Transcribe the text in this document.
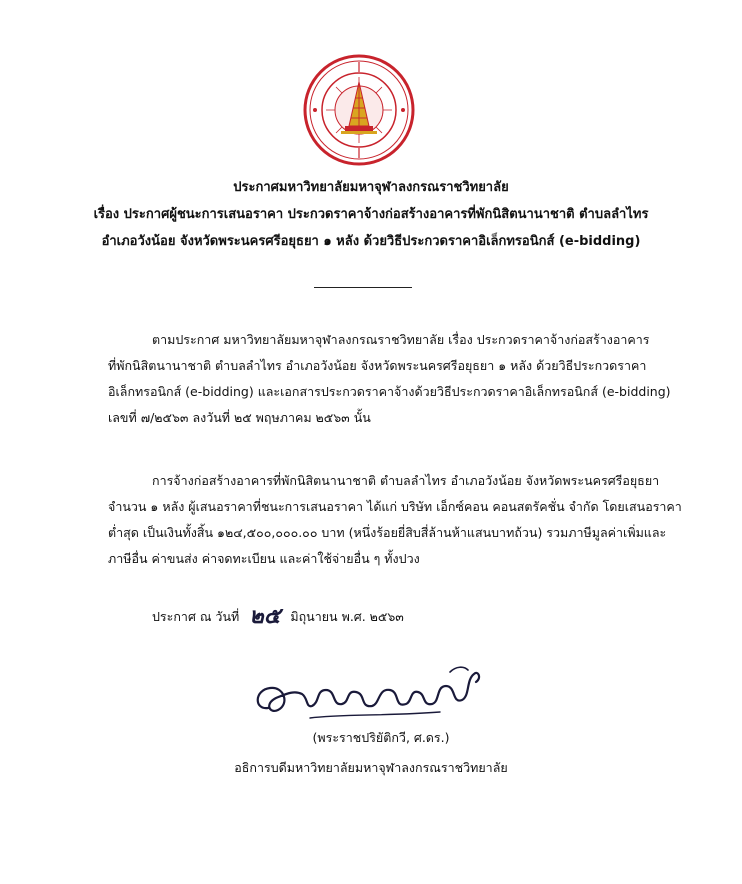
ประกาศมหาวิทยาลัยมหาจุฬาลงกรณราชวิทยาลัย
เรื่อง ประกาศผู้ชนะการเสนอราคา ประกวดราคาจ้างก่อสร้างอาคารที่พักนิสิตนานาชาติ ตำบลลำไทร
อำเภอวังน้อย จังหวัดพระนครศรีอยุธยา ๑ หลัง ด้วยวิธีประกวดราคาอิเล็กทรอนิกส์ (e-bidding)
ตามประกาศ มหาวิทยาลัยมหาจุฬาลงกรณราชวิทยาลัย เรื่อง ประกวดราคาจ้างก่อสร้างอาคาร
ที่พักนิสิตนานาชาติ ตำบลลำไทร อำเภอวังน้อย จังหวัดพระนครศรีอยุธยา ๑ หลัง ด้วยวิธีประกวดราคา
อิเล็กทรอนิกส์ (e-bidding) และเอกสารประกวดราคาจ้างด้วยวิธีประกวดราคาอิเล็กทรอนิกส์ (e-bidding)
เลขที่ ๗/๒๕๖๓ ลงวันที่ ๒๕ พฤษภาคม ๒๕๖๓ นั้น
การจ้างก่อสร้างอาคารที่พักนิสิตนานาชาติ ตำบลลำไทร อำเภอวังน้อย จังหวัดพระนครศรีอยุธยา
จำนวน ๑ หลัง ผู้เสนอราคาที่ชนะการเสนอราคา ได้แก่ บริษัท เอ็กซ์คอน คอนสตรัคชั่น จำกัด โดยเสนอราคา
ต่ำสุด เป็นเงินทั้งสิ้น ๑๒๔,๕๐๐,๐๐๐.๐๐ บาท (หนึ่งร้อยยี่สิบสี่ล้านห้าแสนบาทถ้วน) รวมภาษีมูลค่าเพิ่มและ
ภาษีอื่น ค่าขนส่ง ค่าจดทะเบียน และค่าใช้จ่ายอื่น ๆ ทั้งปวง
ประกาศ ณ วันที่ ๒๕ มิถุนายน พ.ศ. ๒๕๖๓
(พระราชปริยัติกวี, ศ.ดร.)
อธิการบดีมหาวิทยาลัยมหาจุฬาลงกรณราชวิทยาลัย
